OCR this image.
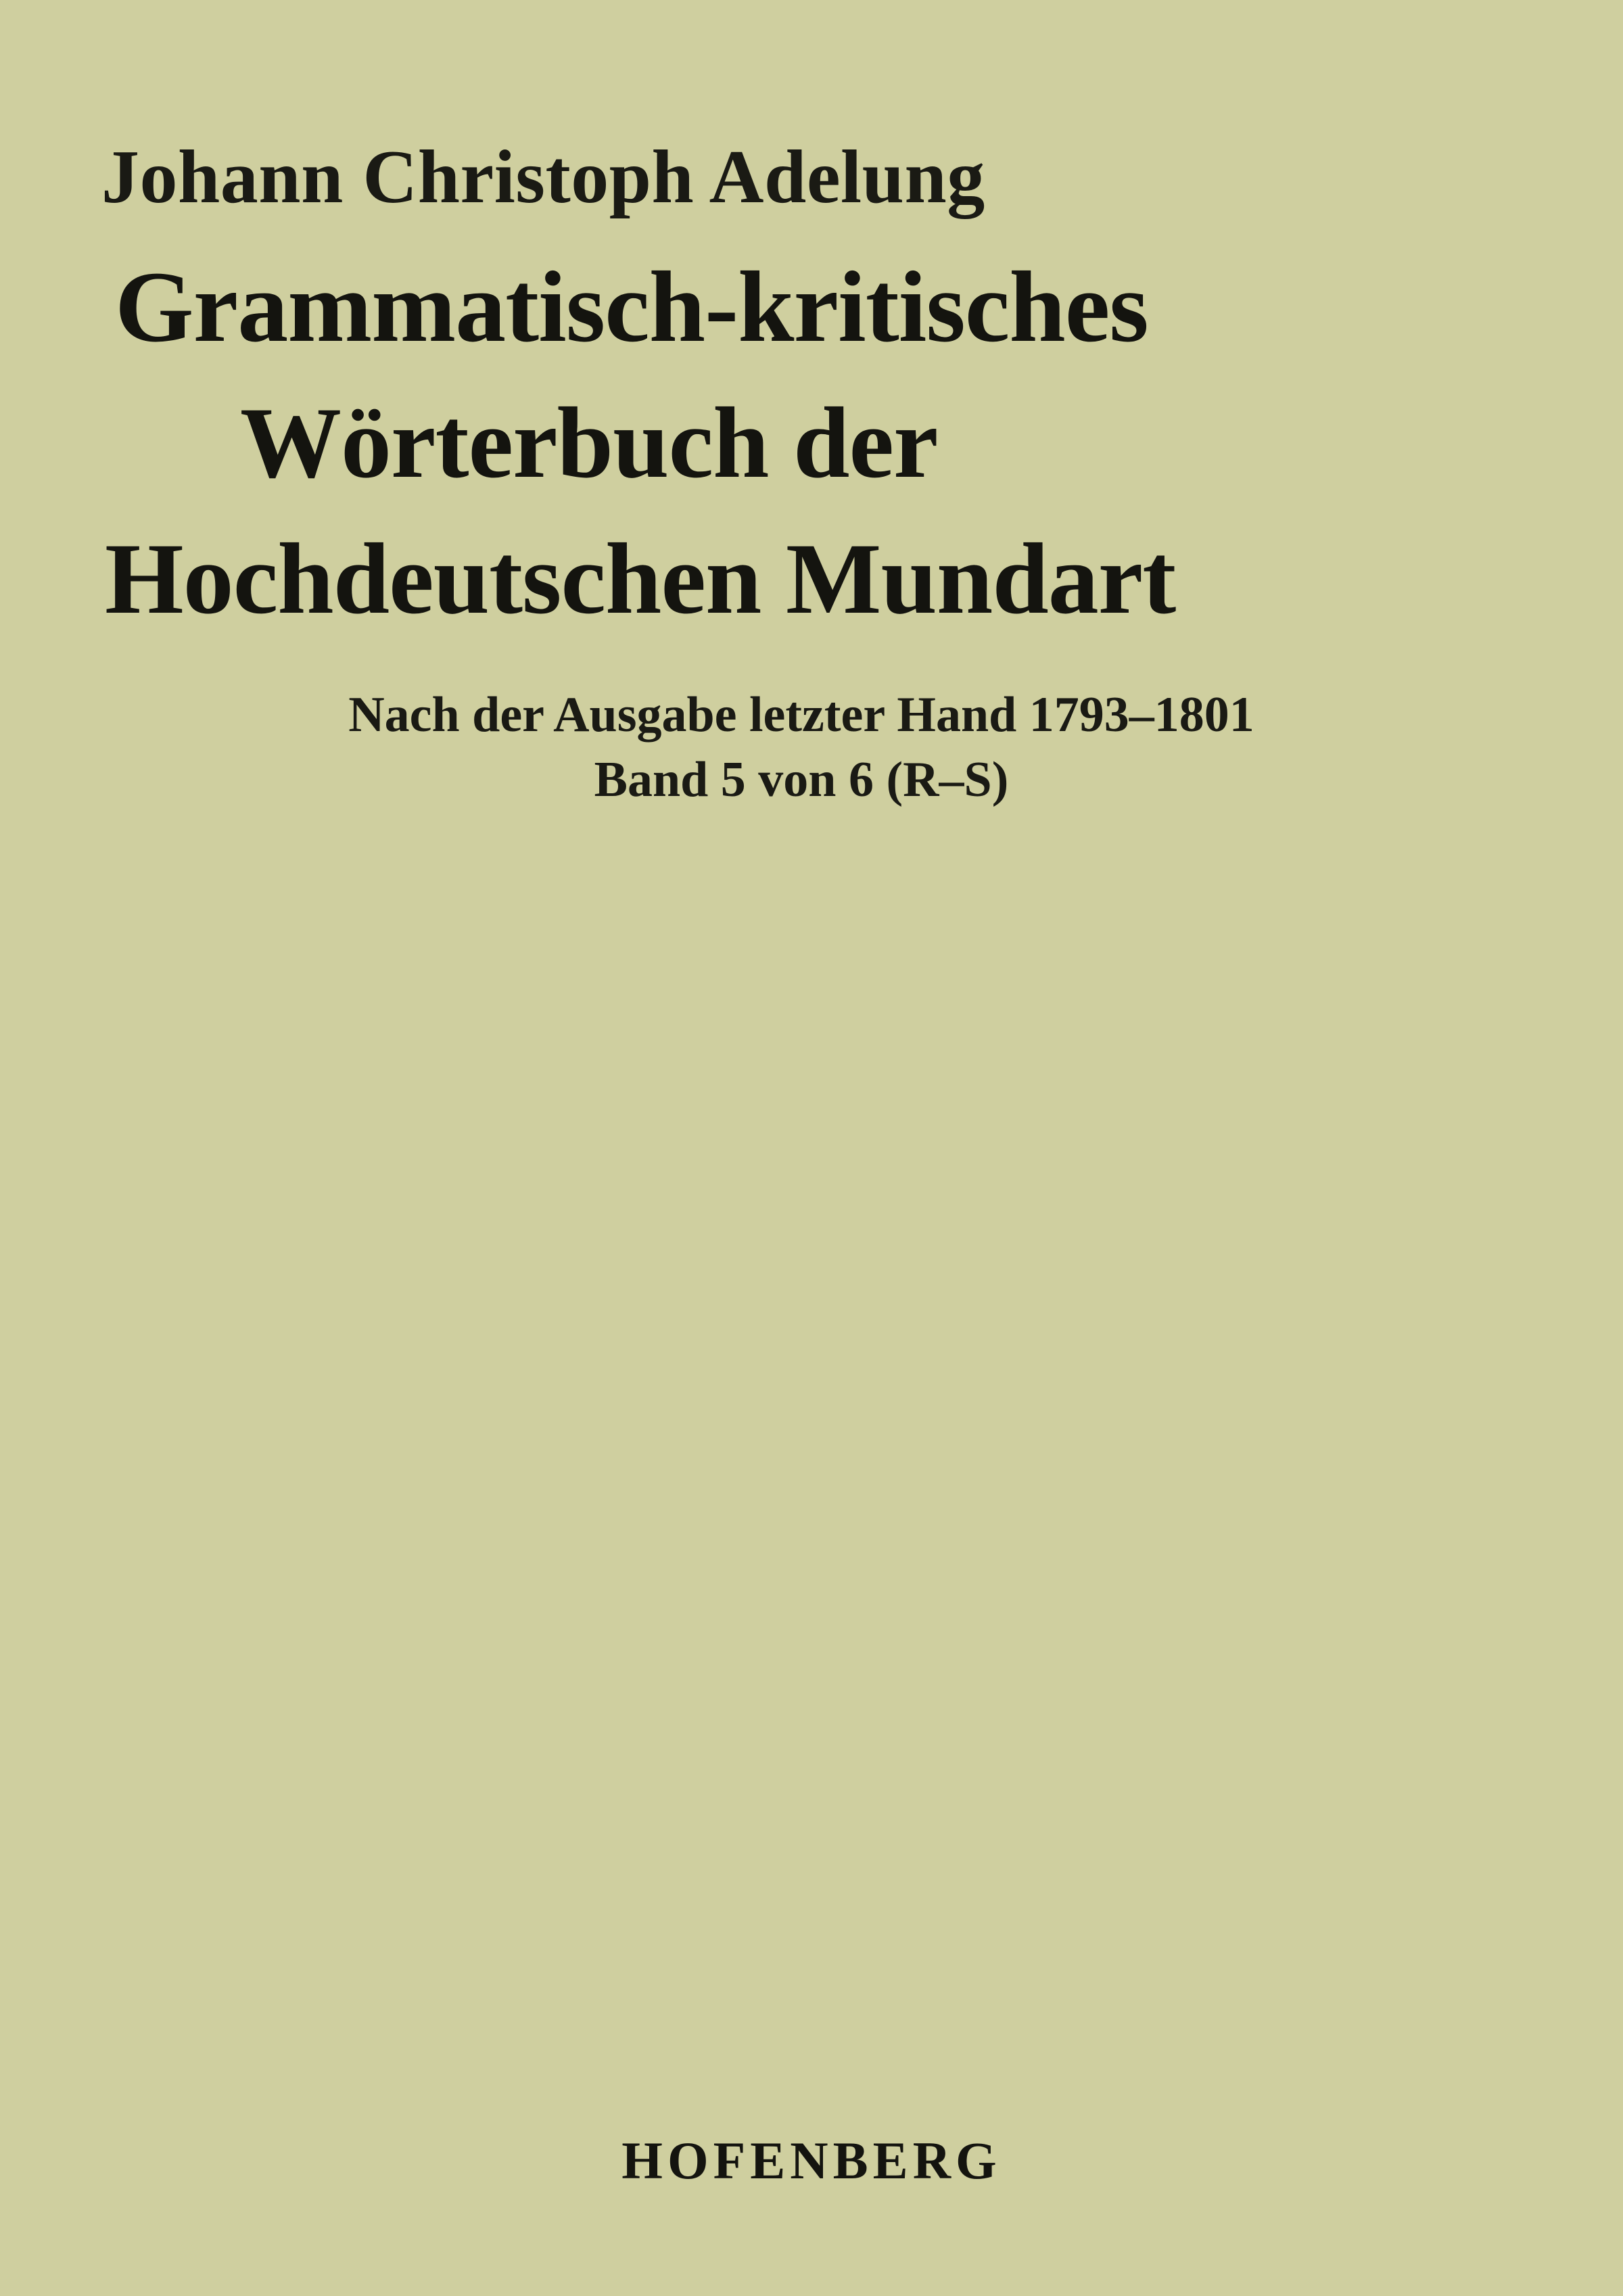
Johann Christoph Adelung
Grammatisch-kritisches
Wörterbuch der
Hochdeutschen Mundart
Nach der Ausgabe letzter Hand 1793–1801
Band 5 von 6 (R–S)
HOFENBERG
